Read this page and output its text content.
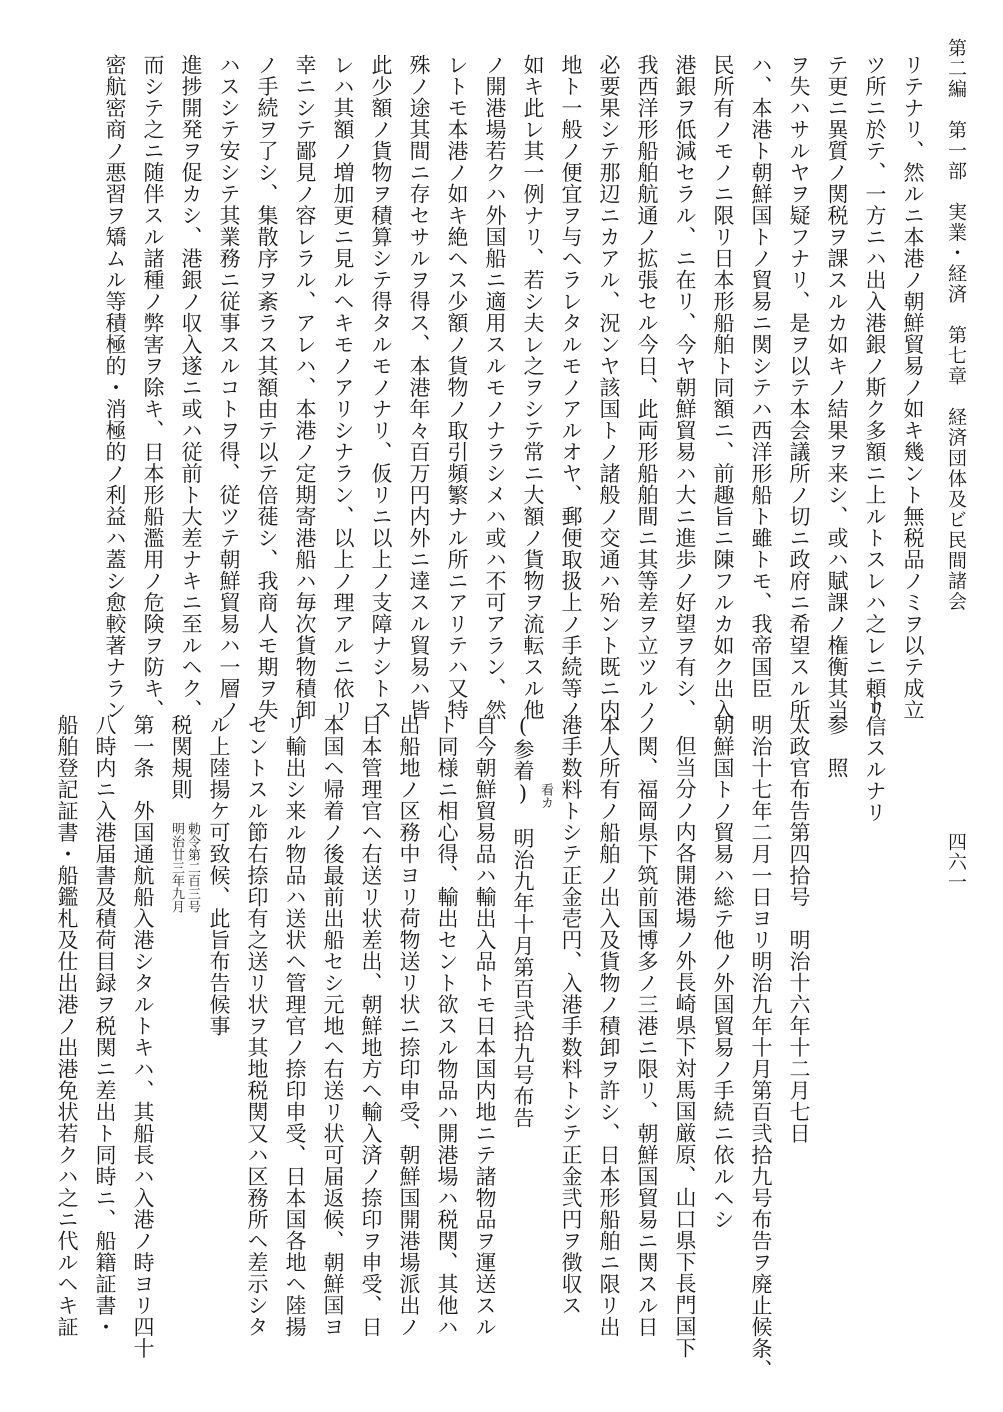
第二編　第一部　実業・経済　第七章　経済団体及ビ民間諸会
四六一
リテナリ、然ルニ本港ノ朝鮮貿易ノ如キ幾ント無税品ノミヲ以テ成立
ツ所ニ於テ、一方ニハ出入港銀ノ斯ク多額ニ上ルトスレハ之レニ頼リ
テ更ニ異質ノ関税ヲ課スルカ如キノ結果ヲ来シ、或ハ賦課ノ権衡其当
ヲ失ハサルヤヲ疑フナリ、是ヲ以テ本会議所ノ切ニ政府ニ希望スル所
ハ、本港ト朝鮮国トノ貿易ニ関シテハ西洋形船ト雖トモ、我帝国臣
民所有ノモノニ限リ日本形船舶ト同額ニ、前趣旨ニ陳フルカ如ク出入
港銀ヲ低減セラル、ニ在リ、今ヤ朝鮮貿易ハ大ニ進歩ノ好望ヲ有シ、
我西洋形船舶航通ノ拡張セル今日、此両形船舶間ニ其等差ヲ立ツルノ
必要果シテ那辺ニカアル、況ンヤ該国トノ諸般ノ交通ハ殆ント既ニ内
地ト一般ノ便宜ヲ与ヘラレタルモノアルオヤ、郵便取扱上ノ手続等ノ
如キ此レ其一例ナリ、若シ夫レ之ヲシテ常ニ大額ノ貨物ヲ流転スル他
ノ開港場若クハ外国船ニ適用スルモノナラシメハ或ハ不可アラン、然
レトモ本港ノ如キ絶ヘス少額ノ貨物ノ取引頻繁ナル所ニアリテハ又特
殊ノ途其間ニ存セサルヲ得ス、本港年々百万円内外ニ達スル貿易ハ皆
此少額ノ貨物ヲ積算シテ得タルモノナリ、仮リニ以上ノ支障ナシトス
レハ其額ノ増加更ニ見ルヘキモノアリシナラン、以上ノ理アルニ依リ
幸ニシテ鄙見ノ容レラル、アレハ、本港ノ定期寄港船ハ毎次貨物積卸
ノ手続ヲ了シ、集散序ヲ紊ラス其額由テ以テ倍蓰シ、我商人モ期ヲ失
ハスシテ安シテ其業務ニ従事スルコトヲ得、従ツテ朝鮮貿易ハ一層ノ
進捗開発ヲ促カシ、港銀ノ収入遂ニ或ハ従前ト大差ナキニ至ルヘク、
而シテ之ニ随伴スル諸種ノ弊害ヲ除キ、日本形船濫用ノ危険ヲ防キ、
密航密商ノ悪習ヲ矯ムル等積極的・消極的ノ利益ハ蓋シ愈較著ナラン
ト信スルナリ
参　照
太政官布告第四拾号　明治十六年十二月七日
明治十七年二月一日ヨリ明治九年十月第百弐拾九号布告ヲ廃止候条、
朝鮮国トノ貿易ハ総テ他ノ外国貿易ノ手続ニ依ルヘシ
但当分ノ内各開港場ノ外長崎県下対馬国厳原、山口県下長門国下
ノ関、福岡県下筑前国博多ノ三港ニ限リ、朝鮮国貿易ニ関スル日
本人所有ノ船舶ノ出入及貨物ノ積卸ヲ許シ、日本形船舶ニ限リ出
港手数料トシテ正金壱円、入港手数料トシテ正金弐円ヲ徴収ス
看カ
(参着)　明治九年十月第百弐拾九号布告
自今朝鮮貿易品ハ輸出入品トモ日本国内地ニテ諸物品ヲ運送スル
ト同様ニ相心得、輸出セント欲スル物品ハ開港場ハ税関、其他ハ
出船地ノ区務中ヨリ荷物送リ状ニ捺印申受、朝鮮国開港場派出ノ
日本管理官ヘ右送リ状差出、朝鮮地方ヘ輸入済ノ捺印ヲ申受、日
本国ヘ帰着ノ後最前出船セシ元地ヘ右送リ状可届返候、朝鮮国ヨ
リ輸出シ来ル物品ハ送状ヘ管理官ノ捺印申受、日本国各地ヘ陸揚
セントスル節右捺印有之送リ状ヲ其地税関又ハ区務所ヘ差示シタ
ル上陸揚ケ可致候、此旨布告候事
税関規則
明治廿三年九月 勅令第二百三号
第一条　外国通航船入港シタルトキハ、其船長ハ入港ノ時ヨリ四十
八時内ニ入港届書及積荷目録ヲ税関ニ差出ト同時ニ、船籍証書・
船舶登記証書・船鑑札及仕出港ノ出港免状若クハ之ニ代ルヘキ証
